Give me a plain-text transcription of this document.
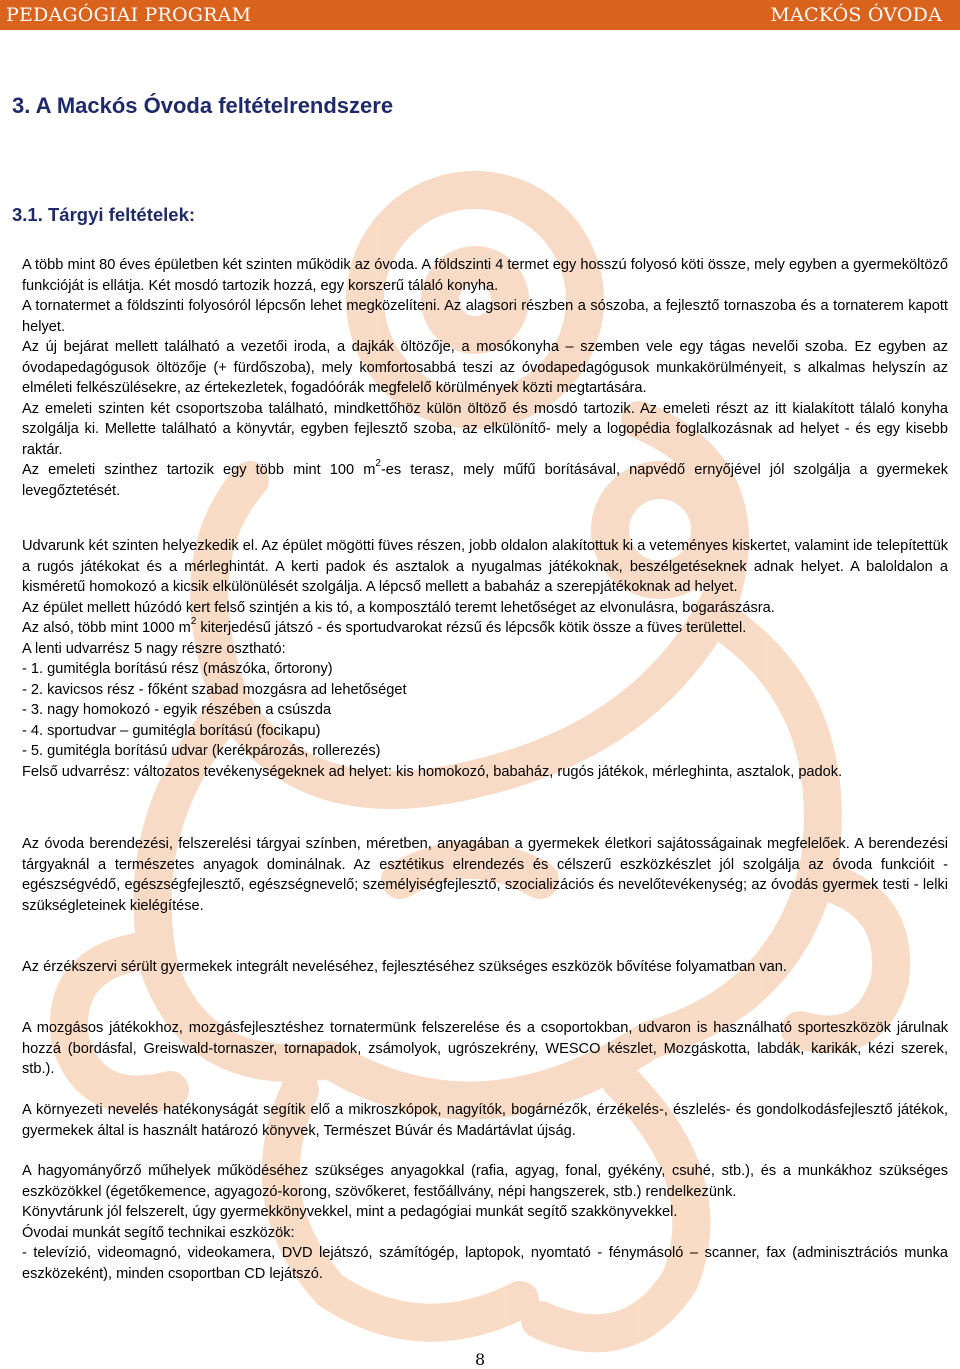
PEDAGÓGIAI PROGRAM	MACKÓS ÓVODA
3. A Mackós Óvoda feltételrendszere
3.1. Tárgyi feltételek:

A több mint 80 éves épületben két szinten működik az óvoda. A földszinti 4 termet egy hosszú folyosó köti össze, mely egyben a gyermeköltöző funkcióját is ellátja. Két mosdó tartozik hozzá, egy korszerű tálaló konyha.

A tornatermet a földszinti folyosóról lépcsőn lehet megközelíteni. Az alagsori részben a sószoba, a fejlesztő tornaszoba és a tornaterem kapott helyet.

Az új bejárat mellett található a vezetői iroda, a dajkák öltözője, a mosókonyha – szemben vele egy tágas nevelői szoba. Ez egyben az óvodapedagógusok öltözője (+ fürdőszoba), mely komfortosabbá teszi az óvodapedagógusok munkakörülményeit, s alkalmas helyszín az elméleti felkészülésekre, az értekezletek, fogadóórák megfelelő körülmények közti megtartására.

Az emeleti szinten két csoportszoba található, mindkettőhöz külön öltöző és mosdó tartozik. Az emeleti részt az itt kialakított tálaló konyha szolgálja ki. Mellette található a könyvtár, egyben fejlesztő szoba, az elkülönítő- mely a logopédia foglalkozásnak ad helyet - és egy kisebb raktár.

Az emeleti szinthez tartozik egy több mint 100 $m^2-es$ terasz, mely műfű borításával, napvédő ernyőjével jól szolgálja a gyermekek levegőztetését.

Udvarunk két szinten helyezkedik el. Az épület mögötti füves részen, jobb oldalon alakítottuk ki a veteményes kiskertet, valamint ide telepítettük a rugós játékokat és a mérleghintát. A kerti padok és asztalok a nyugalmas játékoknak, beszélgetéseknek adnak helyet. A baloldalon a kisméretű homokozó a kicsik elkülönülését szolgálja. A lépcső mellett a babaház a szerepjátékoknak ad helyet.

Az épület mellett húzódó kert felső szintjén a kis tó, a komposztáló teremt lehetőséget az elvonulásra, bogarászásra.

Az alsó, több mint 1000 $m^2$ kiterjedésű játszó - és sportudvarokat rézsű és lépcsők kötik össze a füves területtel.

A lenti udvarrész 5 nagy részre osztható:

- 1. gumitégla borítású rész (mászóka, őrtorony)

- 2. kavicsos rész - főként szabad mozgásra ad lehetőséget

- 3. nagy homokozó - egyik részében a csúszda

- 4. sportudvar – gumitégla borítású (focikapu)

- 5. gumitégla borítású udvar (kerékpározás, rollerezés)

Felső udvarrész: változatos tevékenységeknek ad helyet: kis homokozó, babaház, rugós játékok, mérleghinta, asztalok, padok.

Az óvoda berendezési, felszerelési tárgyai színben, méretben, anyagában a gyermekek életkori sajátosságainak megfelelőek. A berendezési tárgyaknál a természetes anyagok dominálnak. Az esztétikus elrendezés és célszerű eszközkészlet jól szolgálja az óvoda funkcióit - egészségvédő, egészségfejlesztő, egészségnevelő; személyiségfejlesztő, szocializációs és nevelőtevékenység; az óvodás gyermek testi - lelki szükségleteinek kielégítése.

Az érzékszervi sérült gyermekek integrált neveléséhez, fejlesztéséhez szükséges eszközök bővítése folyamatban van.

A mozgásos játékokhoz, mozgásfejlesztéshez tornatermünk felszerelése és a csoportokban, udvaron is használható sporteszközök járulnak hozzá (bordásfal, Greiswald-tornaszer, tornapadok, zsámolyok, ugrószekrény, WESCO készlet, Mozgáskotta, labdák, karikák, kézi szerek, stb.).

A környezeti nevelés hatékonyságát segítik elő a mikroszkópok, nagyítók, bogárnézők, érzékelés-, észlelés- és gondolkodásfejlesztő játékok, gyermekek által is használt határozó könyvek, Természet Búvár és Madártávlat újság.

A hagyományőrző műhelyek működéséhez szükséges anyagokkal (rafia, agyag, fonal, gyékény, csuhé, stb.), és a munkákhoz szükséges eszközökkel (égetőkemence, agyagozó-korong, szövőkeret, festőállvány, népi hangszerek, stb.) rendelkezünk.

Könyvtárunk jól felszerelt, úgy gyermekkönyvekkel, mint a pedagógiai munkát segítő szakkönyvekkel.

Óvodai munkát segítő technikai eszközök:

- televízió, videomagnó, videokamera, DVD lejátszó, számítógép, laptopok, nyomtató - fénymásoló – scanner, fax (adminisztrációs munka eszközeként), minden csoportban CD lejátszó.

8
